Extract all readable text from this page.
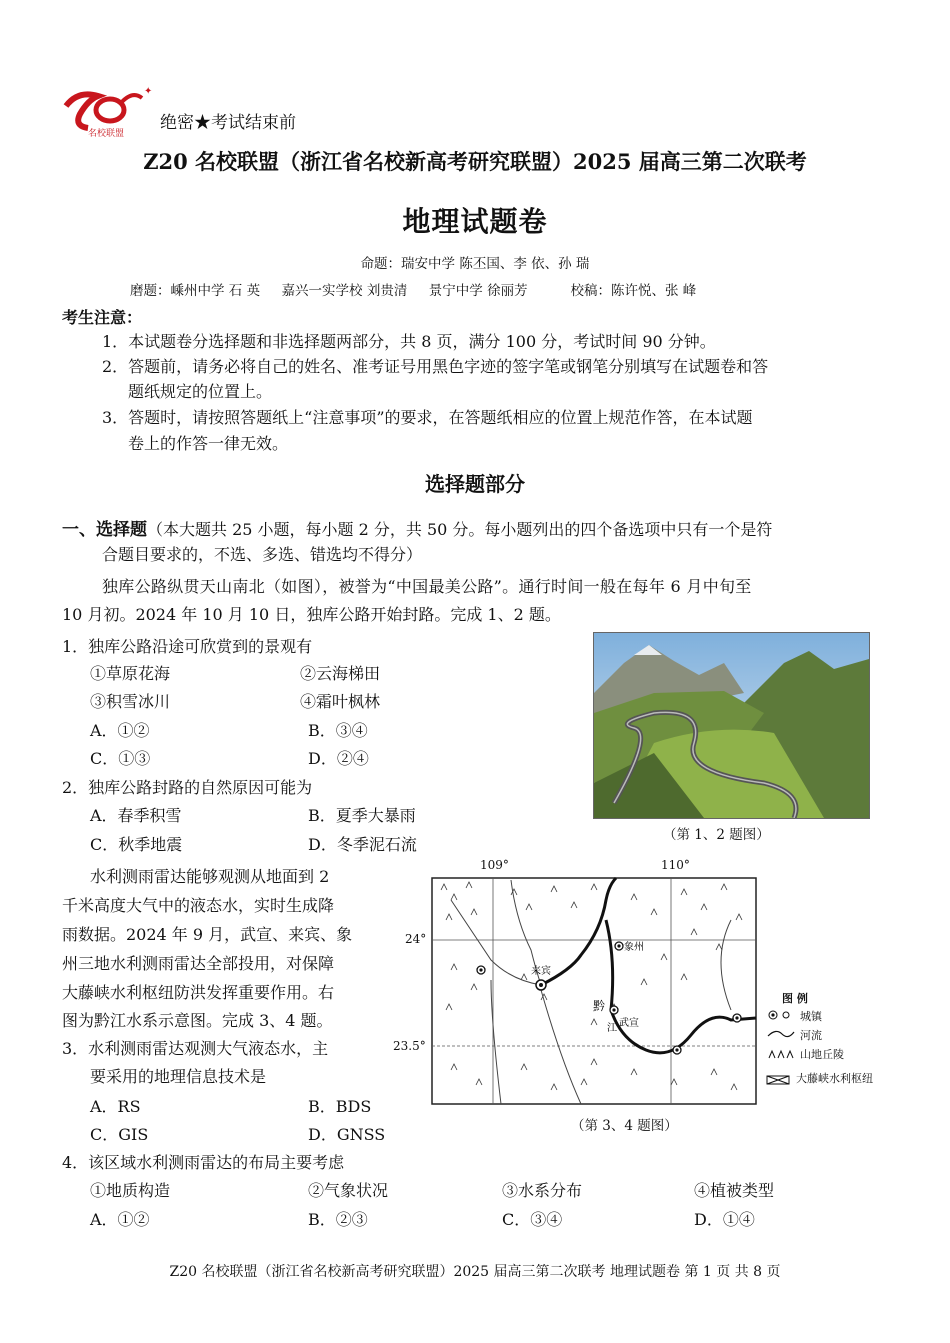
✦
名校联盟
绝密★考试结束前
Z20 名校联盟（浙江省名校新高考研究联盟）2025 届高三第二次联考
地理试题卷
命题：瑞安中学 陈丕国、李 依、孙 瑞
磨题：嵊州中学 石 英     嘉兴一实学校 刘贵清     景宁中学 徐丽芳          校稿：陈许悦、张 峰
考生注意：
1．本试题卷分选择题和非选择题两部分，共 8 页，满分 100 分，考试时间 90 分钟。
2．答题前，请务必将自己的姓名、准考证号用黑色字迹的签字笔或钢笔分别填写在试题卷和答
题纸规定的位置上。
3．答题时，请按照答题纸上“注意事项”的要求，在答题纸相应的位置上规范作答，在本试题
卷上的作答一律无效。
选择题部分
一、选择题（本大题共 25 小题，每小题 2 分，共 50 分。每小题列出的四个备选项中只有一个是符
合题目要求的，不选、多选、错选均不得分）
独库公路纵贯天山南北（如图），被誉为“中国最美公路”。通行时间一般在每年 6 月中旬至
10 月初。2024 年 10 月 10 日，独库公路开始封路。完成 1、2 题。
1．独库公路沿途可欣赏到的景观有
①草原花海	②云海梯田
③积雪冰川	④霜叶枫林
A．①②	B．③④
C．①③	D．②④
2．独库公路封路的自然原因可能为
A．春季积雪	B．夏季大暴雨
C．秋季地震	D．冬季泥石流	（第 1、2 题图）
水利测雨雷达能够观测从地面到 2
千米高度大气中的液态水，实时生成降
雨数据。2024 年 9 月，武宣、来宾、象
州三地水利测雨雷达全部投用，对保障
大藤峡水利枢纽防洪发挥重要作用。右
图为黔江水系示意图。完成 3、4 题。
3．水利测雨雷达观测大气液态水，主
要采用的地理信息技术是
A．RS	B．BDS
C．GIS	D．GNSS
109°	110°
24°
23.5°
象州
来宾
武宣
黔
江
图 例
城镇
河流
山地丘陵
大藤峡水利枢纽
（第 3、4 题图）
4．该区域水利测雨雷达的布局主要考虑
①地质构造	②气象状况	③水系分布	④植被类型
A．①②	B．②③	C．③④	D．①④
Z20 名校联盟（浙江省名校新高考研究联盟）2025 届高三第二次联考 地理试题卷 第 1 页 共 8 页
